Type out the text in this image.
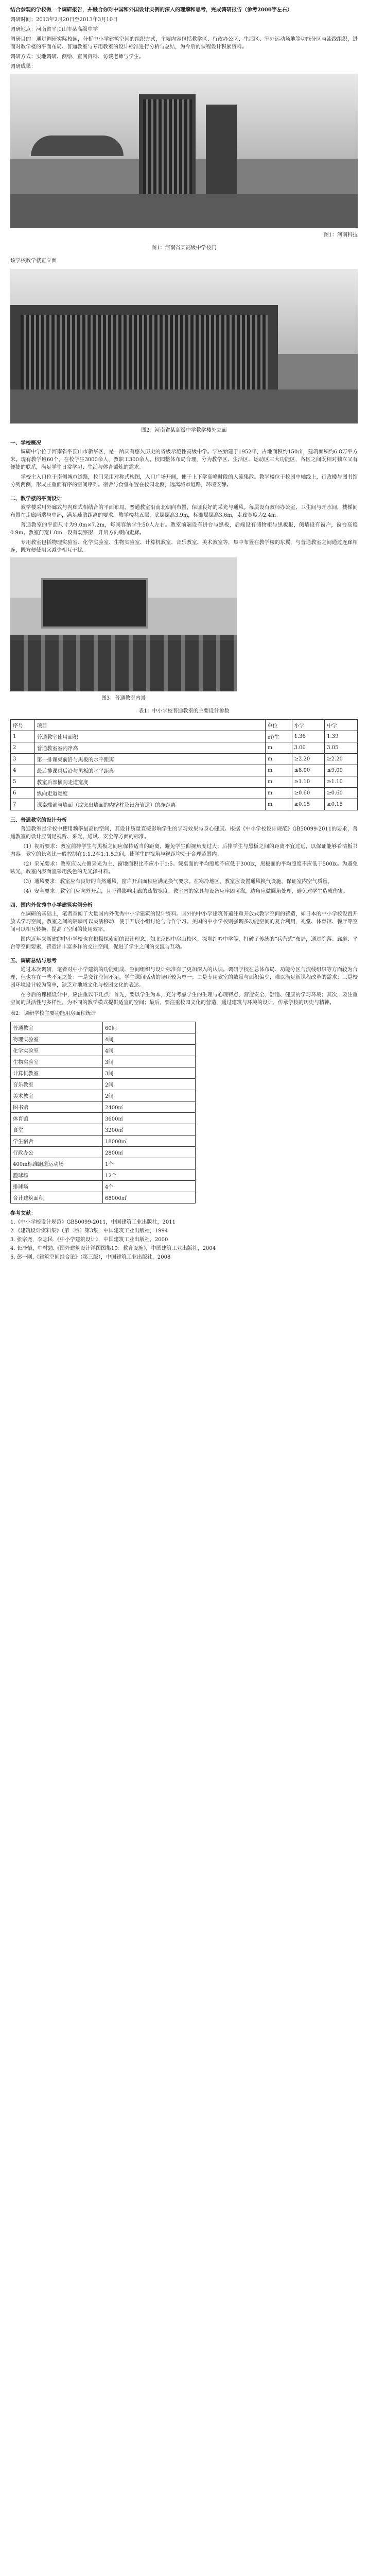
结合参观的学校做一个调研报告，并融合你对中国和外国设计实例的深入的理解和思考，完成调研报告（参考2000字左右）
调研时间：2013年2月20日至2013年3月10日
调研地点：河南省平顶山市某高级中学
调研目的：通过调研实际校园，分析中小学建筑空间的组织方式，主要内容包括教学区、行政办公区、生活区、室外运动场地等功能分区与流线组织，进而对教学楼的平面布局、普通教室与专用教室的设计标准进行分析与总结，为今后的课程设计积累资料。
调研方式：实地调研、测绘、查阅资料、访谈老师与学生。
调研成果：
图1：河南科技
图1：河南省某高级中学校门
该学校教学楼正立面
图2：河南省某高级中学教学楼外立面
一、学校概况
调研中学位于河南省平顶山市新华区，是一所具有悠久历史的省级示范性高级中学。学校始建于1952年，占地面积约150亩，建筑面积约6.8万平方米。现有教学班60个，在校学生3000余人，教职工300余人。校园整体布局合理，分为教学区、生活区、运动区三大功能区，各区之间既相对独立又有便捷的联系，满足学生日常学习、生活与体育锻炼的需求。
学校主入口位于南侧城市道路，校门采用对称式构图，入口广场开阔，便于上下学高峰时段的人流集散。教学楼位于校园中轴线上，行政楼与图书馆分列两侧，形成庄重而有序的空间序列。宿舍与食堂布置在校园北侧，远离城市道路，环境安静。
二、教学楼的平面设计
教学楼采用外廊式与内廊式相结合的平面布局，普通教室沿南北朝向布置，保证良好的采光与通风。每层设有教师办公室、卫生间与开水间，楼梯间布置在走廊两端与中部，满足疏散距离的要求。教学楼共五层，底层层高3.9m，标准层层高3.6m，走廊宽度为2.4m。
普通教室的平面尺寸为9.0m×7.2m，每间容纳学生50人左右。教室前端设有讲台与黑板，后端设有储物柜与黑板报，侧墙设有窗户，窗台高度0.9m。教室门宽1.0m，设有观察窗，开启方向朝向走廊。
专用教室包括物理实验室、化学实验室、生物实验室、计算机教室、音乐教室、美术教室等，集中布置在教学楼的东翼，与普通教室之间通过连廊相连，既方便使用又减少相互干扰。
图3：普通教室内景
表1：中小学校普通教室的主要设计参数
序号	项目	单位	小学	中学
1	普通教室使用面积	㎡/生	1.36	1.39
2	普通教室室内净高	m	3.00	3.05
3	第一排课桌前沿与黑板的水平距离	m	≥2.20	≥2.20
4	最后排课桌后沿与黑板的水平距离	m	≤8.00	≤9.00
5	教室后部横向走道宽度	m	≥1.10	≥1.10
6	纵向走道宽度	m	≥0.60	≥0.60
7	课桌端部与墙面（或突出墙面的内壁柱及设备管道）的净距离	m	≥0.15	≥0.15
三、普通教室的设计分析
普通教室是学校中使用频率最高的空间，其设计质量直接影响学生的学习效果与身心健康。根据《中小学校设计规范》GB50099-2011的要求，普通教室的设计应满足视听、采光、通风、安全等方面的标准。
（1）视听要求：教室前排学生与黑板之间应保持适当的距离，避免学生仰视角度过大；后排学生与黑板之间的距离不宜过远，以保证能够看清板书内容。教室的长宽比一般控制在1:1.2至1:1.5之间，使学生的视角与视距均处于合理范围内。
（2）采光要求：教室应以左侧采光为主，窗地面积比不应小于1:5。课桌面的平均照度不应低于300lx，黑板面的平均照度不应低于500lx。为避免眩光，教室内表面宜采用浅色的无光泽材料。
（3）通风要求：教室应有良好的自然通风，窗户开启面积应满足换气要求。在寒冷地区，教室应设置通风换气设施，保证室内空气质量。
（4）安全要求：教室门应向外开启，且不得影响走廊的疏散宽度。教室内的家具与设备应牢固可靠，边角应做圆角处理，避免对学生造成伤害。
四、国内外优秀中小学建筑实例分析
在调研的基础上，笔者查阅了大量国内外优秀中小学建筑的设计资料。国外的中小学建筑普遍注重开放式教学空间的营造，如日本的中小学校设置开放式学习空间，教室之间的隔墙可以灵活移动，便于开展小组讨论与合作学习。美国的中小学校则强调多功能空间的复合利用，礼堂、体育馆、餐厅等空间可以相互转换，提高了空间的使用效率。
国内近年来新建的中小学校也在积极探索新的设计理念，如北京四中房山校区、深圳红岭中学等，打破了传统的“兵营式”布局，通过院落、廊道、平台等空间要素，营造出丰富多样的交往空间，促进了学生之间的交流与互动。
五、调研总结与思考
通过本次调研，笔者对中小学建筑的功能组成、空间组织与设计标准有了更加深入的认识。调研学校在总体布局、功能分区与流线组织等方面较为合理，但也存在一些不足之处：一是交往空间不足，学生课间活动的场所较为单一；二是专用教室的数量与面积偏少，难以满足新课程改革的需求；三是校园环境设计较为简单，缺乏对地域文化与校园文化的表达。
在今后的课程设计中，应注重以下几点：首先，要以学生为本，充分考虑学生的生理与心理特点，营造安全、舒适、健康的学习环境；其次，要注重空间的灵活性与多样性，为不同的教学模式提供适宜的空间；最后，要注重校园文化的营造，通过建筑与环境的设计，传承学校的历史与精神。
表2：调研学校主要功能用房面积统计
普通教室	60间
物理实验室	4间
化学实验室	4间
生物实验室	3间
计算机教室	3间
音乐教室	2间
美术教室	2间
图书馆	2400㎡
体育馆	3600㎡
食堂	3200㎡
学生宿舍	18000㎡
行政办公	2800㎡
400m标准跑道运动场	1个
篮球场	12个
排球场	4个
合计建筑面积	68000㎡
参考文献：
1.《中小学校设计规范》GB50099-2011，中国建筑工业出版社，2011
2.《建筑设计资料集》（第二版）第3集，中国建筑工业出版社，1994
3. 张宗尧，李志民.《中小学建筑设计》，中国建筑工业出版社，2000
4. 长泽悟，中村勉.《国外建筑设计详图图集10：教育设施》，中国建筑工业出版社，2004
5. 彭一刚.《建筑空间组合论》（第三版），中国建筑工业出版社，2008
